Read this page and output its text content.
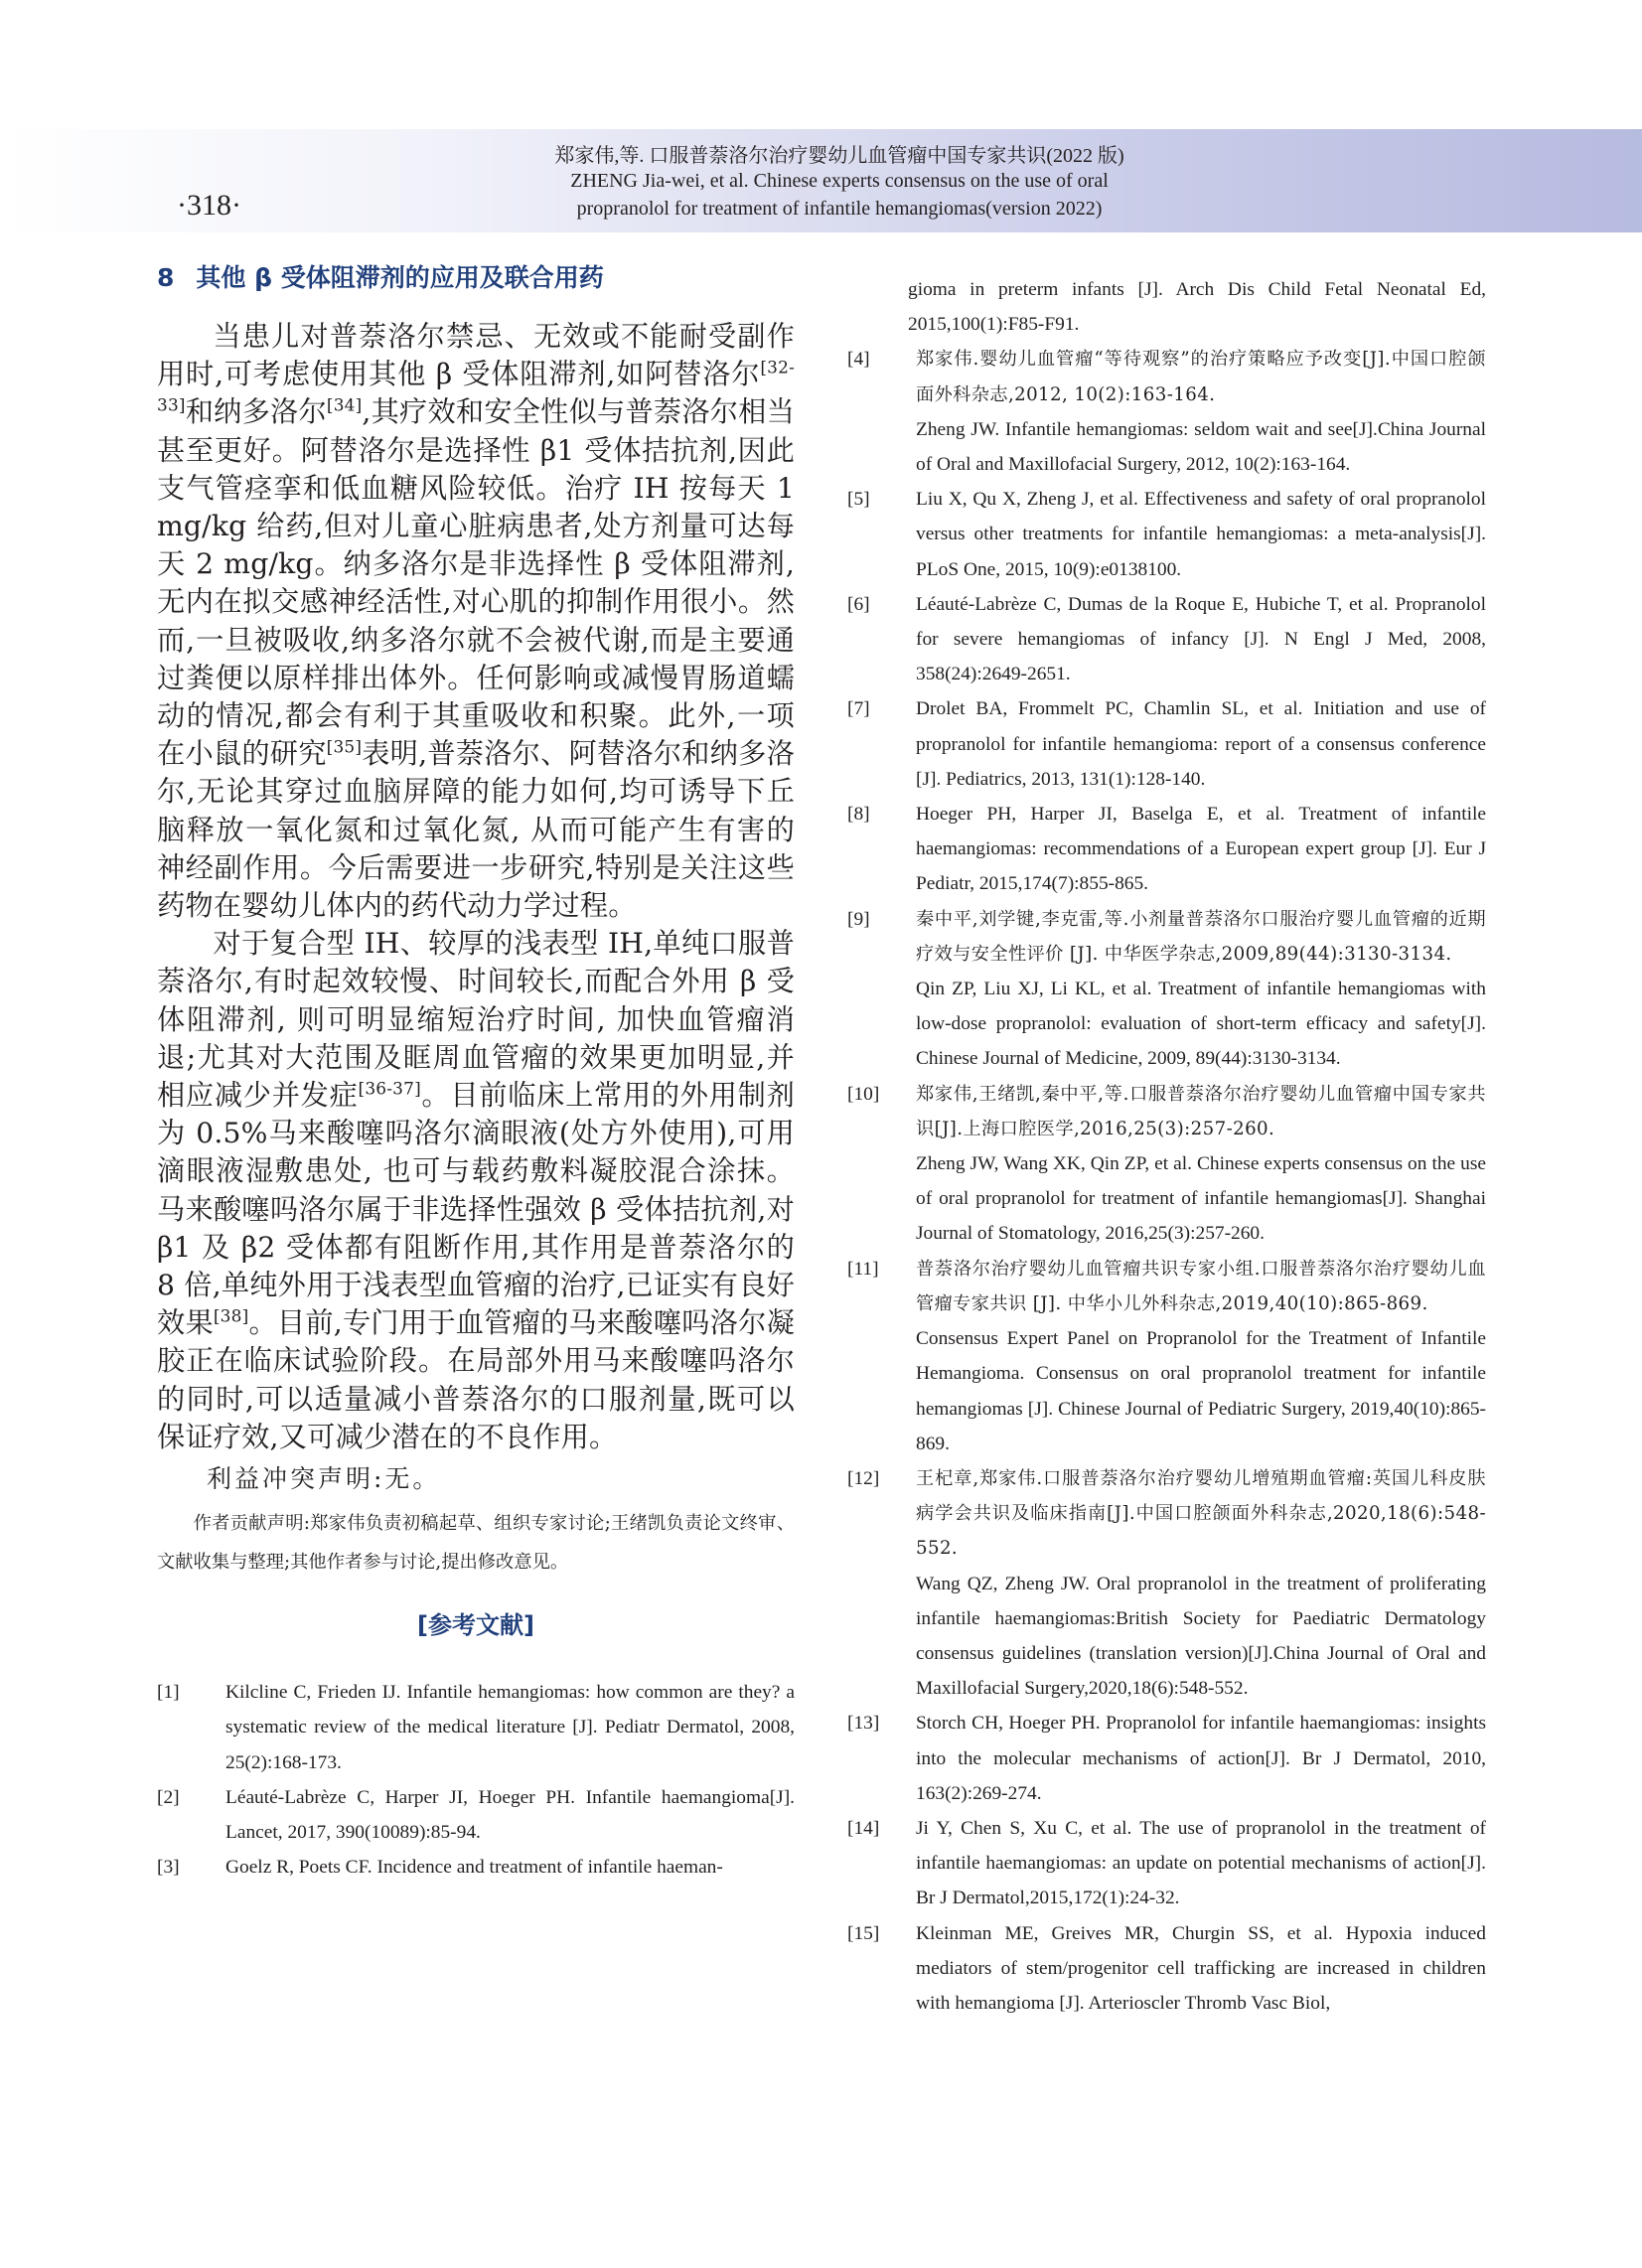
·318·
郑家伟,等. 口服普萘洛尔治疗婴幼儿血管瘤中国专家共识(2022 版)
ZHENG Jia-wei, et al. Chinese experts consensus on the use of oral
propranolol for treatment of infantile hemangiomas(version 2022)
8 其他 β 受体阻滞剂的应用及联合用药

当患儿对普萘洛尔禁忌、无效或不能耐受副作用时,可考虑使用其他 β 受体阻滞剂,如阿替洛尔[32-33]和纳多洛尔[34],其疗效和安全性似与普萘洛尔相当甚至更好。阿替洛尔是选择性 β1 受体拮抗剂,因此支气管痉挛和低血糖风险较低。治疗 IH 按每天 1 mg/kg 给药,但对儿童心脏病患者,处方剂量可达每天 2 mg/kg。纳多洛尔是非选择性 β 受体阻滞剂,无内在拟交感神经活性,对心肌的抑制作用很小。然而,一旦被吸收,纳多洛尔就不会被代谢,而是主要通过粪便以原样排出体外。任何影响或减慢胃肠道蠕动的情况,都会有利于其重吸收和积聚。此外,一项在小鼠的研究[35]表明,普萘洛尔、阿替洛尔和纳多洛尔,无论其穿过血脑屏障的能力如何,均可诱导下丘脑释放一氧化氮和过氧化氮, 从而可能产生有害的神经副作用。今后需要进一步研究,特别是关注这些药物在婴幼儿体内的药代动力学过程。

对于复合型 IH、较厚的浅表型 IH,单纯口服普萘洛尔,有时起效较慢、时间较长,而配合外用 β 受体阻滞剂, 则可明显缩短治疗时间, 加快血管瘤消退;尤其对大范围及眶周血管瘤的效果更加明显,并相应减少并发症[36-37]。目前临床上常用的外用制剂为 0.5%马来酸噻吗洛尔滴眼液(处方外使用),可用滴眼液湿敷患处, 也可与载药敷料凝胶混合涂抹。马来酸噻吗洛尔属于非选择性强效 β 受体拮抗剂,对 β1 及 β2 受体都有阻断作用,其作用是普萘洛尔的 8 倍,单纯外用于浅表型血管瘤的治疗,已证实有良好效果[38]。目前,专门用于血管瘤的马来酸噻吗洛尔凝胶正在临床试验阶段。在局部外用马来酸噻吗洛尔的同时,可以适量减小普萘洛尔的口服剂量,既可以保证疗效,又可减少潜在的不良作用。

利益冲突声明:无。

作者贡献声明:郑家伟负责初稿起草、组织专家讨论;王绪凯负责论文终审、文献收集与整理;其他作者参与讨论,提出修改意见。

[参考文献]
[1] Kilcline C, Frieden IJ. Infantile hemangiomas: how common are they? a systematic review of the medical literature [J]. Pediatr Dermatol, 2008, 25(2):168-173.
[2] Léauté-Labrèze C, Harper JI, Hoeger PH. Infantile haemangioma[J]. Lancet, 2017, 390(10089):85-94.
[3] Goelz R, Poets CF. Incidence and treatment of infantile haeman-
gioma in preterm infants [J]. Arch Dis Child Fetal Neonatal Ed, 2015,100(1):F85-F91.
[4]	郑家伟.婴幼儿血管瘤“等待观察”的治疗策略应予改变[J].中国口腔颌面外科杂志,2012, 10(2):163-164.
Zheng JW. Infantile hemangiomas: seldom wait and see[J].China Journal of Oral and Maxillofacial Surgery, 2012, 10(2):163-164.
[5] Liu X, Qu X, Zheng J, et al. Effectiveness and safety of oral propranolol versus other treatments for infantile hemangiomas: a meta-analysis[J]. PLoS One, 2015, 10(9):e0138100.
[6] Léauté-Labrèze C, Dumas de la Roque E, Hubiche T, et al. Propranolol for severe hemangiomas of infancy [J]. N Engl J Med, 2008, 358(24):2649-2651.
[7] Drolet BA, Frommelt PC, Chamlin SL, et al. Initiation and use of propranolol for infantile hemangioma: report of a consensus conference [J]. Pediatrics, 2013, 131(1):128-140.
[8] Hoeger PH, Harper JI, Baselga E, et al. Treatment of infantile haemangiomas: recommendations of a European expert group [J]. Eur J Pediatr, 2015,174(7):855-865.
[9]	秦中平,刘学键,李克雷,等.小剂量普萘洛尔口服治疗婴儿血管瘤的近期疗效与安全性评价 [J]. 中华医学杂志,2009,89(44):3130-3134.
Qin ZP, Liu XJ, Li KL, et al. Treatment of infantile hemangiomas with low-dose propranolol: evaluation of short-term efficacy and safety[J]. Chinese Journal of Medicine, 2009, 89(44):3130-3134.
[10] 郑家伟,王绪凯,秦中平,等.口服普萘洛尔治疗婴幼儿血管瘤中国专家共识[J].上海口腔医学,2016,25(3):257-260.
Zheng JW, Wang XK, Qin ZP, et al. Chinese experts consensus on the use of oral propranolol for treatment of infantile hemangiomas[J]. Shanghai Journal of Stomatology, 2016,25(3):257-260.
[11] 普萘洛尔治疗婴幼儿血管瘤共识专家小组.口服普萘洛尔治疗婴幼儿血管瘤专家共识 [J]. 中华小儿外科杂志,2019,40(10):865-869.
Consensus Expert Panel on Propranolol for the Treatment of Infantile Hemangioma. Consensus on oral propranolol treatment for infantile hemangiomas [J]. Chinese Journal of Pediatric Surgery, 2019,40(10):865-869.
[12] 王杞章,郑家伟.口服普萘洛尔治疗婴幼儿增殖期血管瘤:英国儿科皮肤病学会共识及临床指南[J].中国口腔颌面外科杂志,2020,18(6):548-552.
Wang QZ, Zheng JW. Oral propranolol in the treatment of proliferating infantile haemangiomas:British Society for Paediatric Dermatology consensus guidelines (translation version)[J].China Journal of Oral and Maxillofacial Surgery,2020,18(6):548-552.
[13] Storch CH, Hoeger PH. Propranolol for infantile haemangiomas: insights into the molecular mechanisms of action[J]. Br J Dermatol, 2010, 163(2):269-274.
[14] Ji Y, Chen S, Xu C, et al. The use of propranolol in the treatment of infantile haemangiomas: an update on potential mechanisms of action[J]. Br J Dermatol,2015,172(1):24-32.
[15] Kleinman ME, Greives MR, Churgin SS, et al. Hypoxia induced mediators of stem/progenitor cell trafficking are increased in children with hemangioma [J]. Arterioscler Thromb Vasc Biol,
